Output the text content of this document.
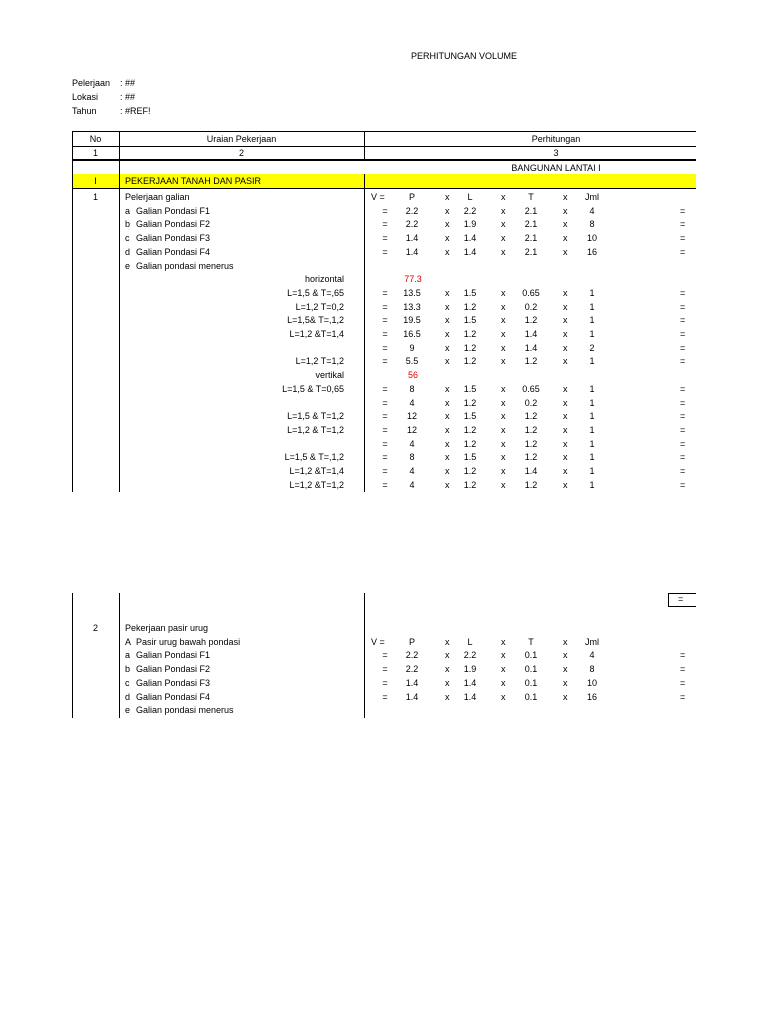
PERHITUNGAN VOLUME
Pelerjaan : ##
Lokasi : ##
Tahun	: #REF!
No	Uraian Pekerjaan	Perhitungan
1	2	3
BANGUNAN LANTAI I
I	PEKERJAAN TANAH DAN PASIR
1	Pelerjaan galian	V =	P	x	L	x	T	x	Jml
a Galian Pondasi F1	=	2.2	x	2.2	x	2.1	x	4	=
b Galian Pondasi F2	=	2.2	x	1.9	x	2.1	x	8	=
c Galian Pondasi F3	=	1.4	x	1.4	x	2.1	x	10	=
d Galian Pondasi F4	=	1.4	x	1.4	x	2.1	x	16	=
e Galian pondasi menerus
horizontal	77.3
L=1,5 & T=,65	=	13.5	x	1.5	x 0.65	x	1	=
L=1,2 T=0,2	=	13.3	x	1.2	x	0.2	x	1	=
L=1,5& T=,1,2	=	19.5	x	1.5	x	1.2	x	1	=
L=1,2 &T=1,4	=	16.5	x	1.2	x	1.4	x	1	=
=	9	x	1.2	x	1.4	x	2	=
L=1,2 T=1,2	=	5.5	x	1.2	x	1.2	x	1	=
vertikal	56
L=1,5 & T=0,65	=	8	x	1.5	x 0.65	x	1	=
=	4	x	1.2	x	0.2	x	1	=
L=1,5 & T=1,2	=	12	x	1.5	x	1.2	x	1	=
L=1,2 & T=1,2	=	12	x	1.2	x	1.2	x	1	=
=	4	x	1.2	x	1.2	x	1	=
L=1,5 & T=,1,2	=	8	x	1.5	x	1.2	x	1	=
L=1,2 &T=1,4	=	4	x	1.2	x	1.4	x	1	=
L=1,2 &T=1,2	=	4	x	1.2	x	1.2	x	1	=
=
2	Pekerjaan pasir urug
A Pasir urug bawah pondasi	V =	P	x	L	x	T	x	Jml
a Galian Pondasi F1	=	2.2	x	2.2	x	0.1	x	4	=
b Galian Pondasi F2	=	2.2	x	1.9	x	0.1	x	8	=
c Galian Pondasi F3	=	1.4	x	1.4	x	0.1	x	10	=
d Galian Pondasi F4	=	1.4	x	1.4	x	0.1	x	16	=
e Galian pondasi menerus
